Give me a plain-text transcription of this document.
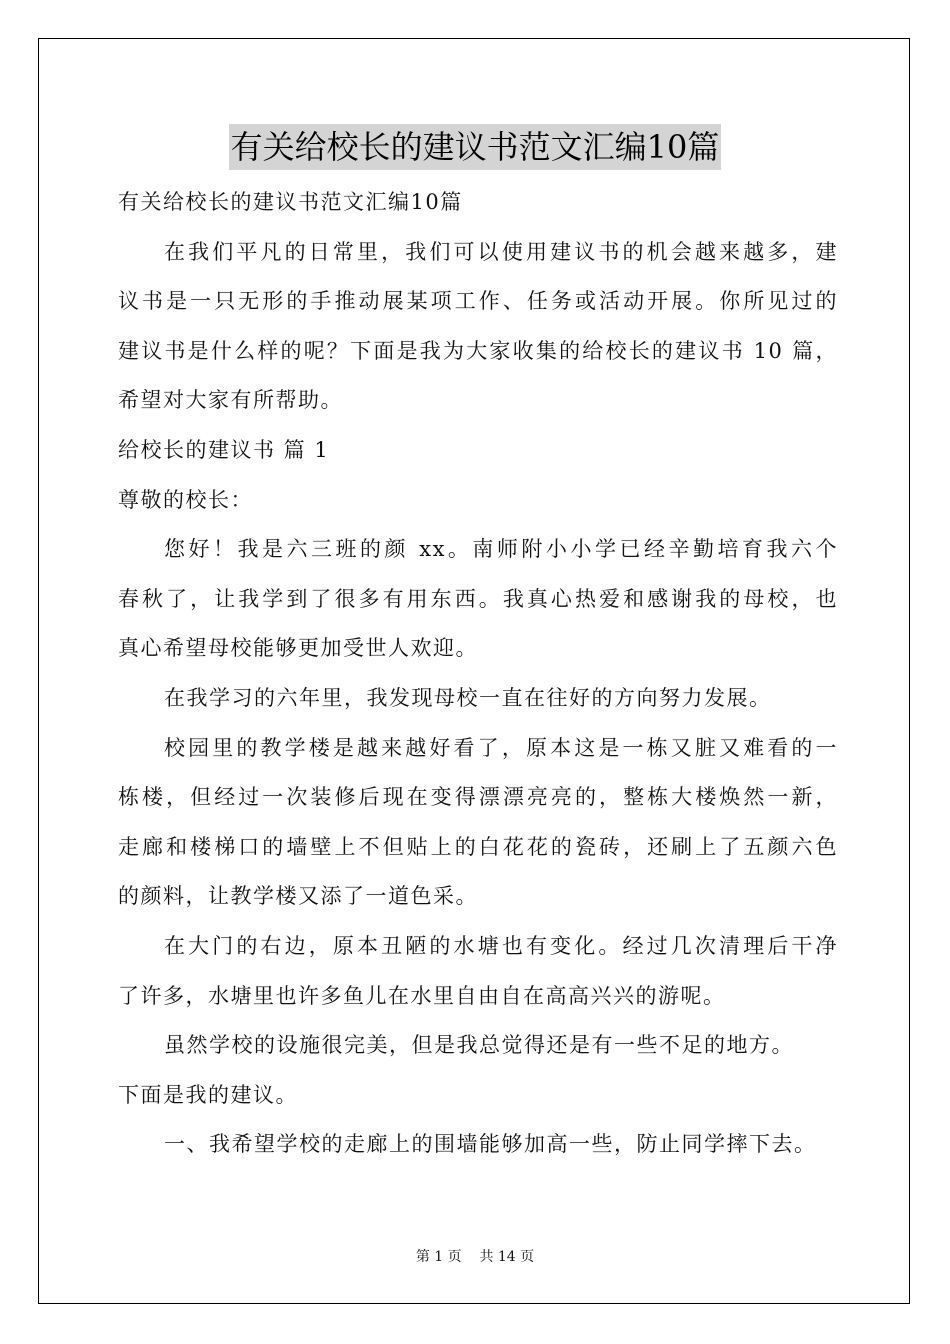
有关给校长的建议书范文汇编10篇
有关给校长的建议书范文汇编10篇
在我们平凡的日常里，我们可以使用建议书的机会越来越多，建
议书是一只无形的手推动展某项工作、任务或活动开展。你所见过的
建议书是什么样的呢？下面是我为大家收集的给校长的建议书 10 篇，
希望对大家有所帮助。
给校长的建议书 篇 1
尊敬的校长：
您好！我是六三班的颜 xx。南师附小小学已经辛勤培育我六个
春秋了，让我学到了很多有用东西。我真心热爱和感谢我的母校，也
真心希望母校能够更加受世人欢迎。
在我学习的六年里，我发现母校一直在往好的方向努力发展。
校园里的教学楼是越来越好看了，原本这是一栋又脏又难看的一
栋楼，但经过一次装修后现在变得漂漂亮亮的，整栋大楼焕然一新，
走廊和楼梯口的墙壁上不但贴上的白花花的瓷砖，还刷上了五颜六色
的颜料，让教学楼又添了一道色采。
在大门的右边，原本丑陋的水塘也有变化。经过几次清理后干净
了许多，水塘里也许多鱼儿在水里自由自在高高兴兴的游呢。
虽然学校的设施很完美，但是我总觉得还是有一些不足的地方。
下面是我的建议。
一、我希望学校的走廊上的围墙能够加高一些，防止同学摔下去。
第 1 页 共 14 页
